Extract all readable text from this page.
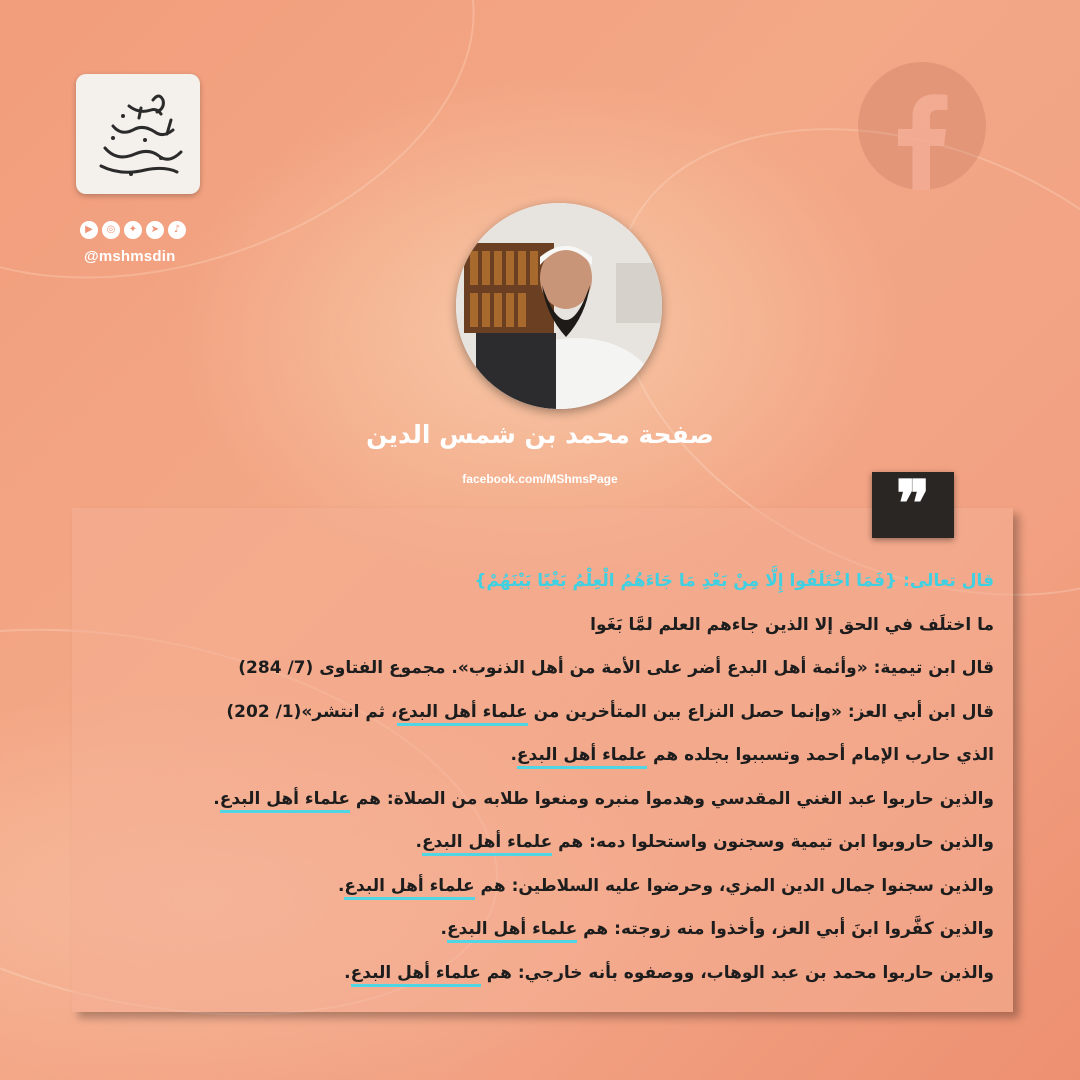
▶	◎	✦	➤	♪
@mshmsdin
صفحة محمد بن شمس الدين
facebook.com/MShmsPage	❞
قال تعالى: {فَمَا اخْتَلَفُوا إِلَّا مِنْ بَعْدِ مَا جَاءَهُمُ الْعِلْمُ بَغْيًا بَيْنَهُمْ}
ما اختلَف في الحق إلا الذين جاءهم العلم لمَّا بَغَوا
قال ابن تيمية: «وأئمة أهل البدع أضر على الأمة من أهل الذنوب». مجموع الفتاوى (7/ 284)
قال ابن أبي العز: «وإنما حصل النزاع بين المتأخرين من علماء أهل البدع، ثم انتشر»(1/ 202)
الذي حارب الإمام أحمد وتسببوا بجلده هم علماء أهل البدع.
والذين حاربوا عبد الغني المقدسي وهدموا منبره ومنعوا طلابه من الصلاة: هم علماء أهل البدع.
والذين حاروبوا ابن تيمية وسجنون واستحلوا دمه: هم علماء أهل البدع.
والذين سجنوا جمال الدين المزي، وحرضوا عليه السلاطين: هم علماء أهل البدع.
والذين كفَّروا ابنَ أبي العز، وأخذوا منه زوجته: هم علماء أهل البدع.
والذين حاربوا محمد بن عبد الوهاب، ووصفوه بأنه خارجي: هم علماء أهل البدع.
